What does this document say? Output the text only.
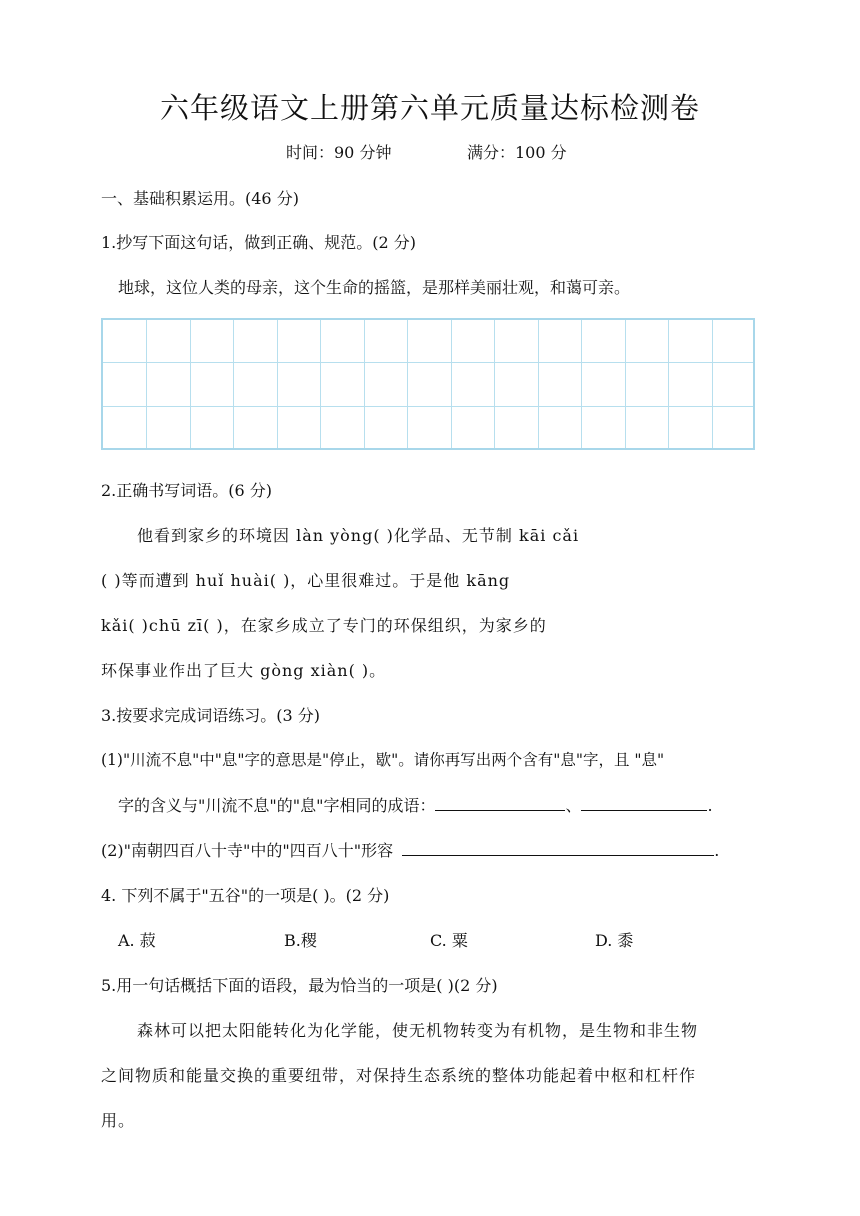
六年级语文上册第六单元质量达标检测卷
时间：90 分钟	满分：100 分
一、基础积累运用。(46 分)
1.抄写下面这句话，做到正确、规范。(2 分)
地球，这位人类的母亲，这个生命的摇篮，是那样美丽壮观，和蔼可亲。
2.正确书写词语。(6 分)
他看到家乡的环境因 làn yòng( )化学品、无节制 kāi cǎi
( )等而遭到 huǐ huài( )，心里很难过。于是他 kāng
kǎi( )chū zī( )，在家乡成立了专门的环保组织，为家乡的
环保事业作出了巨大 gòng xiàn( )。
3.按要求完成词语练习。(3 分)
(1)"川流不息"中"息"字的意思是"停止，歇"。请你再写出两个含有"息"字，且 "息"
字的含义与"川流不息"的"息"字相同的成语：	、	.
(2)"南朝四百八十寺"中的"四百八十"形容	.
4. 下列不属于"五谷"的一项是( )。(2 分)
A. 菽	B.稷	C. 粟	D. 黍
5.用一句话概括下面的语段，最为恰当的一项是( )(2 分)
森林可以把太阳能转化为化学能，使无机物转变为有机物，是生物和非生物
之间物质和能量交换的重要纽带，对保持生态系统的整体功能起着中枢和杠杆作
用。
